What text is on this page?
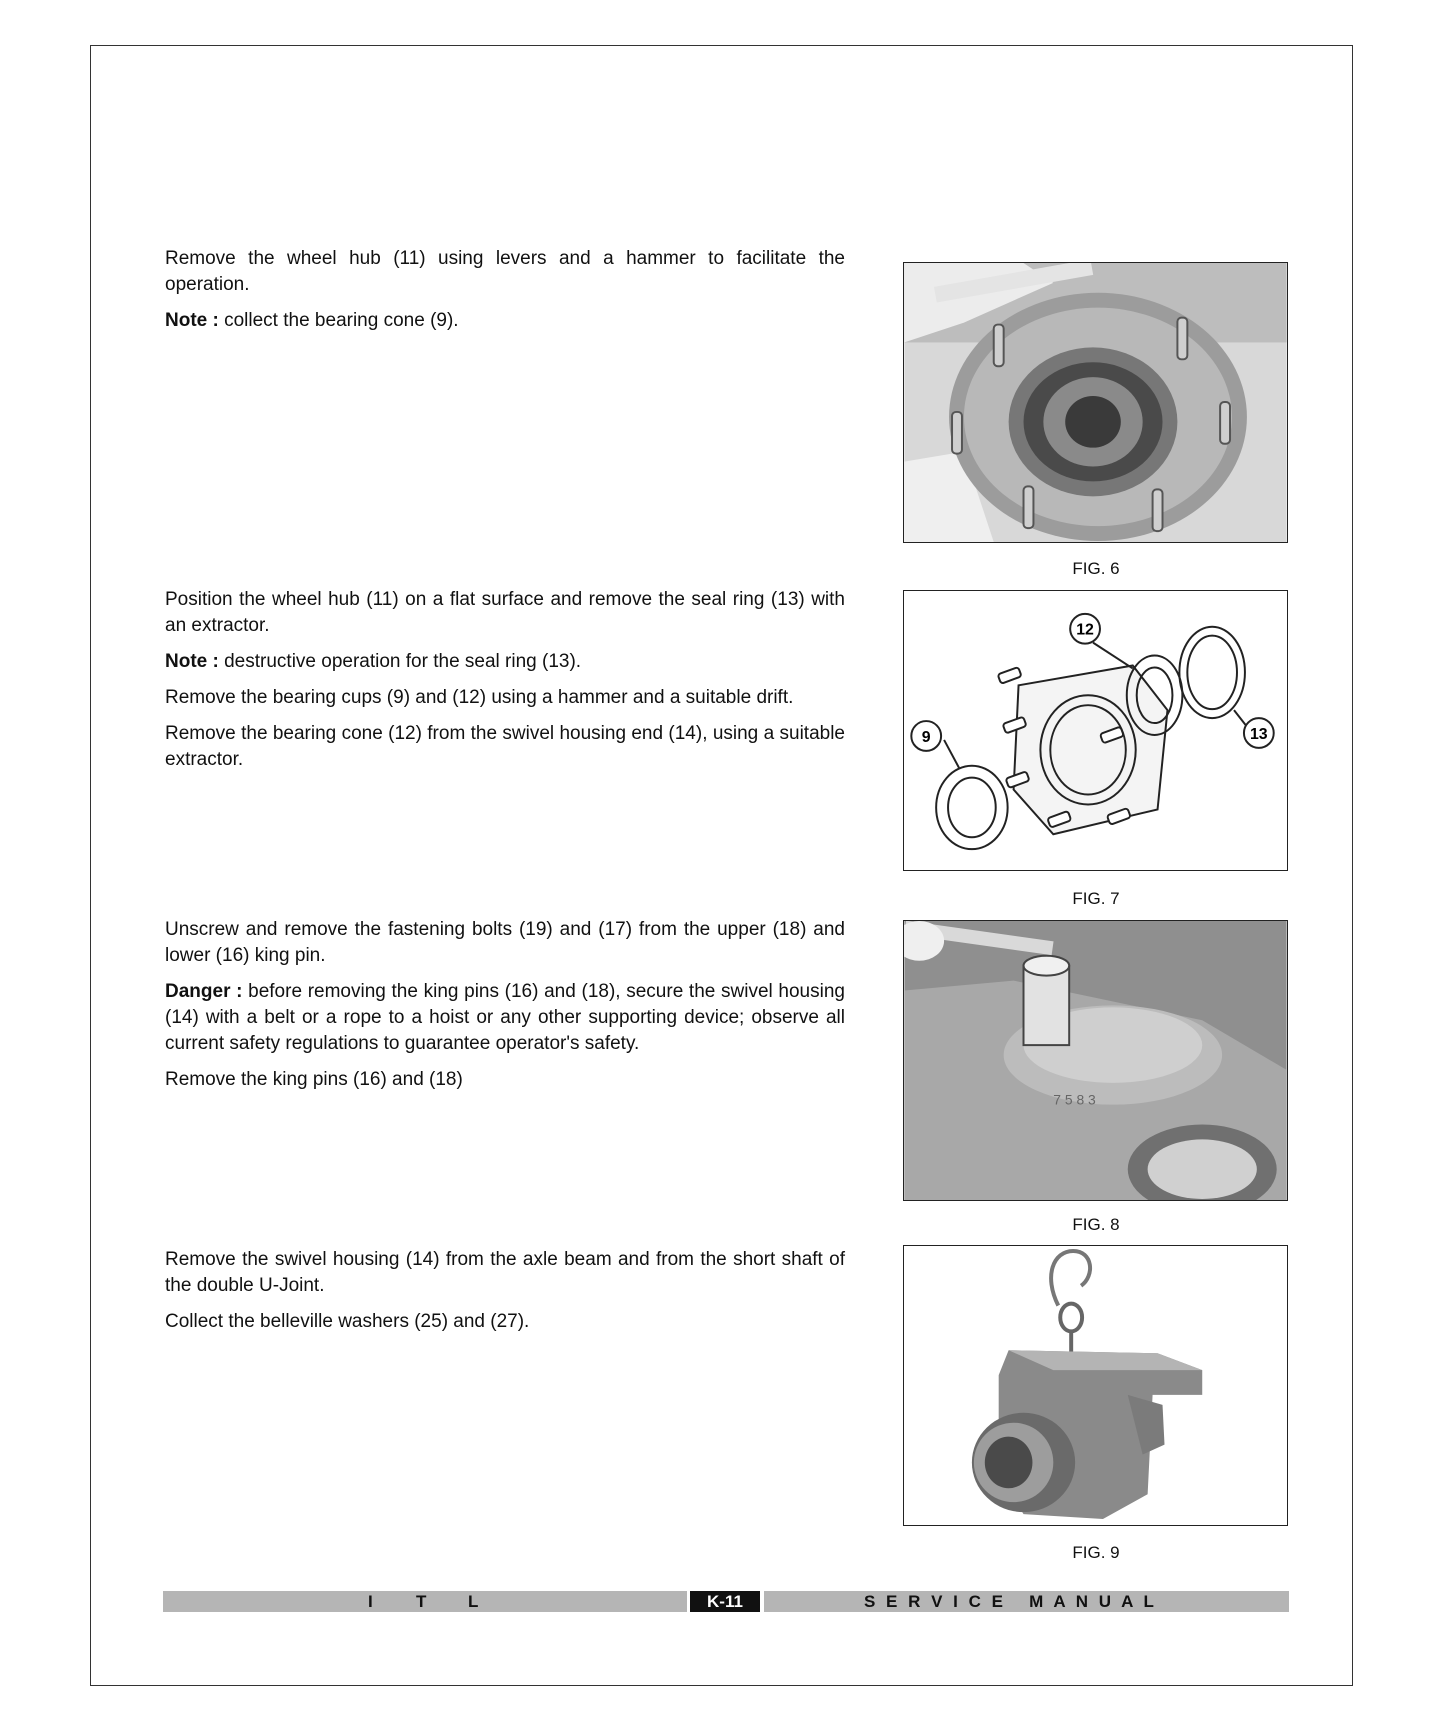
Remove the wheel hub (11) using levers and a hammer to facilitate the operation.

Note : collect the bearing cone (9).

FIG. 6

Position the wheel hub (11) on a flat surface and remove the seal ring (13) with an extractor.

Note : destructive operation for the seal ring (13).

Remove the bearing cups (9) and (12) using a hammer and a suitable drift.

Remove the bearing cone (12) from the swivel housing end (14), using a suitable extractor.

9
12
13
FIG. 7

Unscrew and remove the fastening bolts (19) and (17) from the upper (18) and lower (16) king pin.

Danger : before removing the king pins (16) and (18), secure the swivel housing (14) with a belt or a rope to a hoist or any other supporting device; observe all current safety regulations to guarantee operator's safety.

Remove the king pins (16) and (18)

7 5 8 3
FIG. 8

Remove the swivel housing (14) from the axle beam and from the short shaft of the double U-Joint.

Collect the belleville washers (25) and (27).

FIG. 9
I T L	K-11	S E R V I C E   M A N U A L
